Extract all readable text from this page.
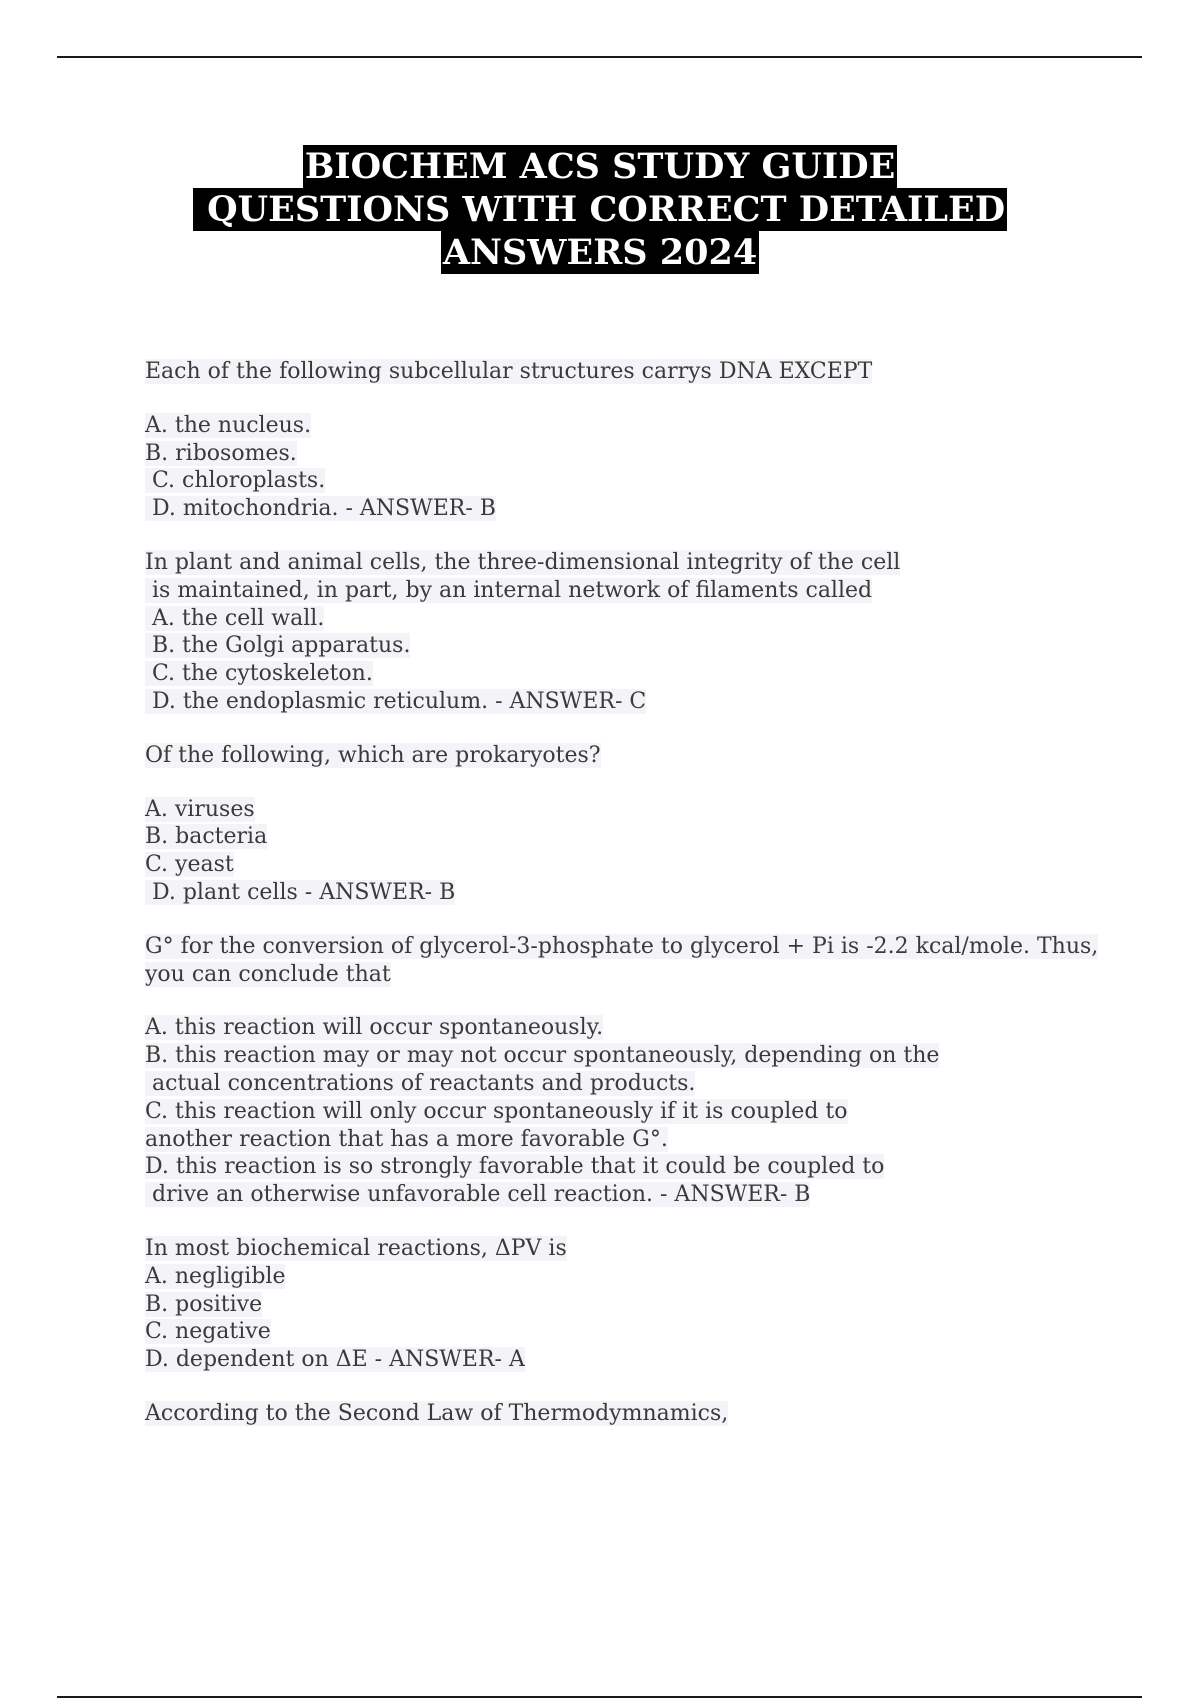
BIOCHEM ACS STUDY GUIDE
QUESTIONS WITH CORRECT DETAILED
ANSWERS 2024
Each of the following subcellular structures carrys DNA EXCEPT
A. the nucleus.
B. ribosomes.
C. chloroplasts.
D. mitochondria. - ANSWER- B
In plant and animal cells, the three-dimensional integrity of the cell
is maintained, in part, by an internal network of filaments called
A. the cell wall.
B. the Golgi apparatus.
C. the cytoskeleton.
D. the endoplasmic reticulum. - ANSWER- C
Of the following, which are prokaryotes?
A. viruses
B. bacteria
C. yeast
D. plant cells - ANSWER- B
G° for the conversion of glycerol-3-phosphate to glycerol + Pi is -2.2 kcal/mole. Thus,
you can conclude that
A. this reaction will occur spontaneously.
B. this reaction may or may not occur spontaneously, depending on the
actual concentrations of reactants and products.
C. this reaction will only occur spontaneously if it is coupled to
another reaction that has a more favorable G°.
D. this reaction is so strongly favorable that it could be coupled to
drive an otherwise unfavorable cell reaction. - ANSWER- B
In most biochemical reactions, ΔPV is
A. negligible
B. positive
C. negative
D. dependent on ΔE - ANSWER- A
According to the Second Law of Thermodymnamics,
